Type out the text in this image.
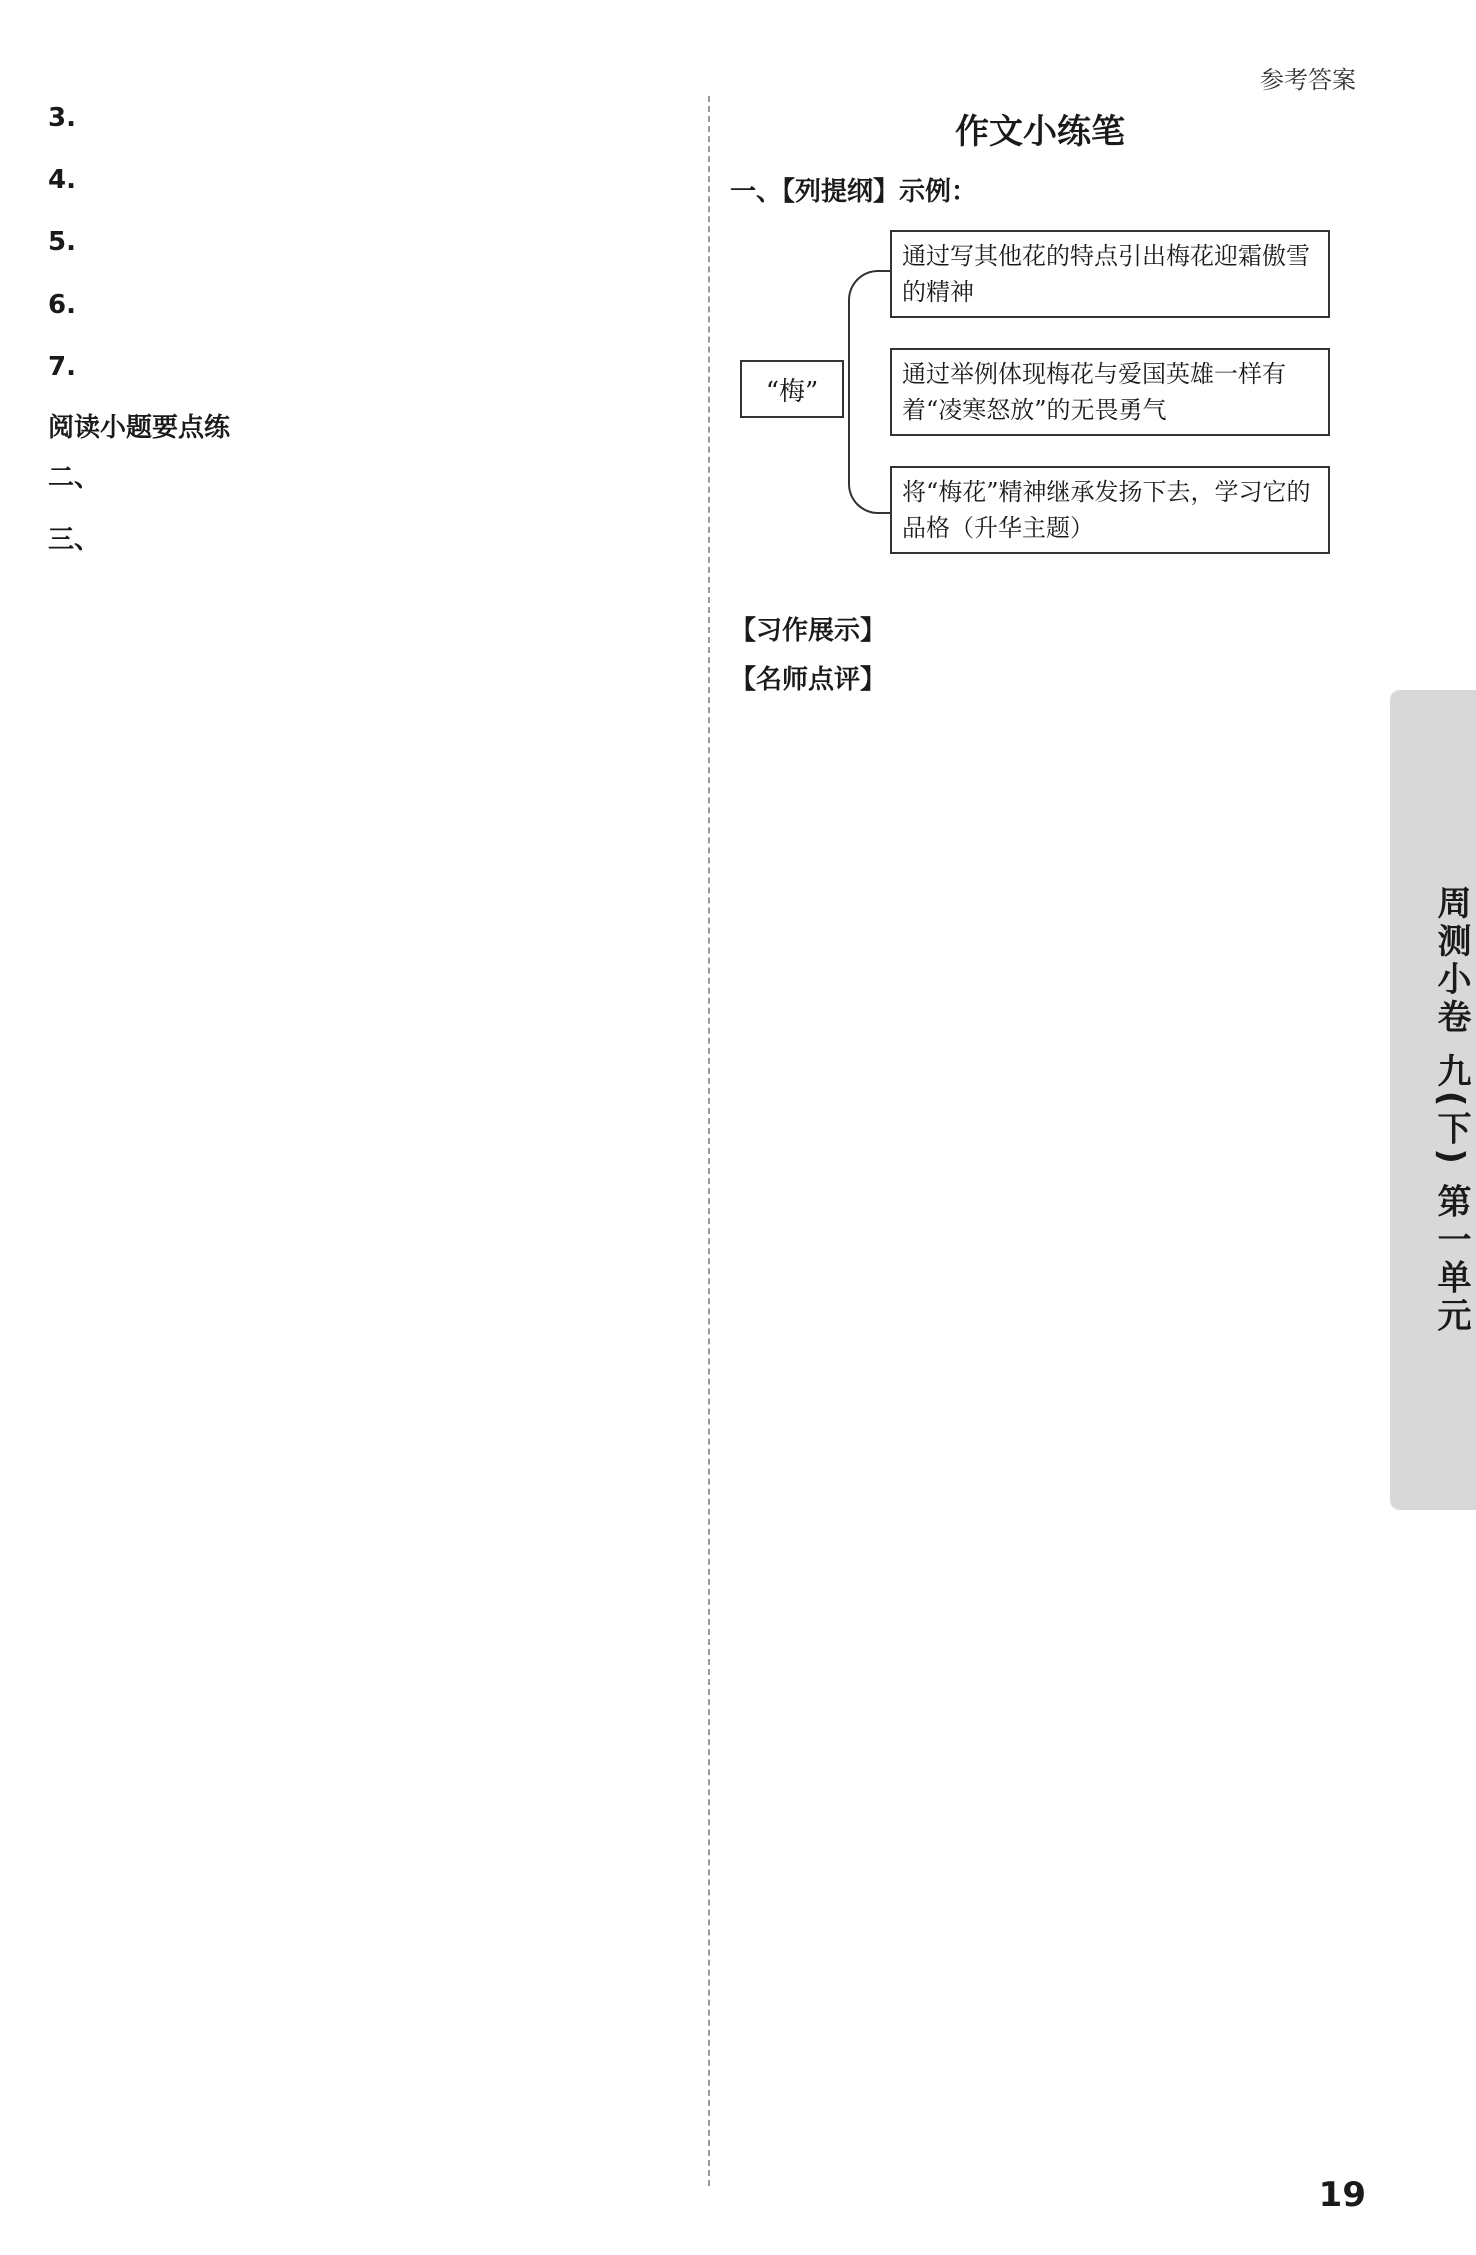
参考答案
3.
4.
5.
6.
7.
阅读小题要点练
二、
三、

作文小练笔
一、【列提纲】示例：
“梅”
通过写其他花的特点引出梅花迎霜傲雪的精神
通过举例体现梅花与爱国英雄一样有着“凌寒怒放”的无畏勇气
将“梅花”精神继承发扬下去，学习它的品格（升华主题）
【习作展示】

【名师点评】

周测小卷 九(下) 第一单元
19
